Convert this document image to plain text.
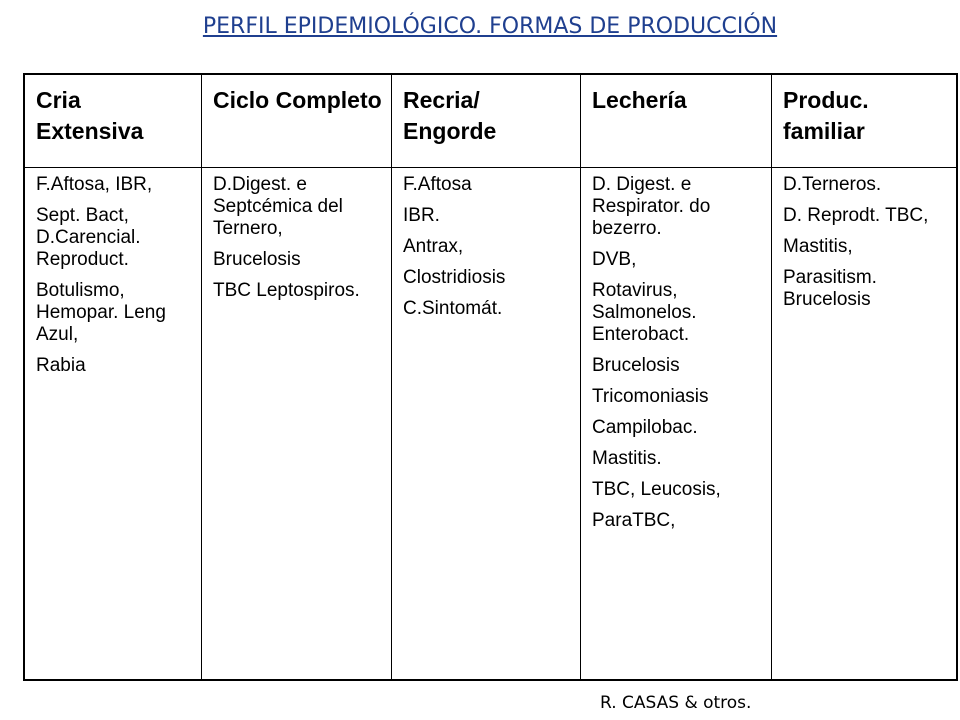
PERFIL EPIDEMIOLÓGICO. FORMAS DE PRODUCCIÓN
Cria Extensiva
Ciclo Completo Recria/ Engorde
Lechería	Produc. familiar
F.Aftosa, IBR,
Sept. Bact, D.Carencial. Reproduct.
Botulismo, Hemopar. Leng Azul,
Rabia
D.Digest. e Septcémica del Ternero,
Brucelosis
TBC Leptospiros.
F.Aftosa
IBR.
Antrax,
Clostridiosis
C.Sintomát.
D. Digest. e Respirator. do bezerro.
DVB,
Rotavirus, Salmonelos. Enterobact.
Brucelosis
Tricomoniasis
Campilobac.
Mastitis.
TBC, Leucosis,
ParaTBC,
D.Terneros.
D. Reprodt. TBC,
Mastitis,
Parasitism. Brucelosis
R. CASAS & otros.
